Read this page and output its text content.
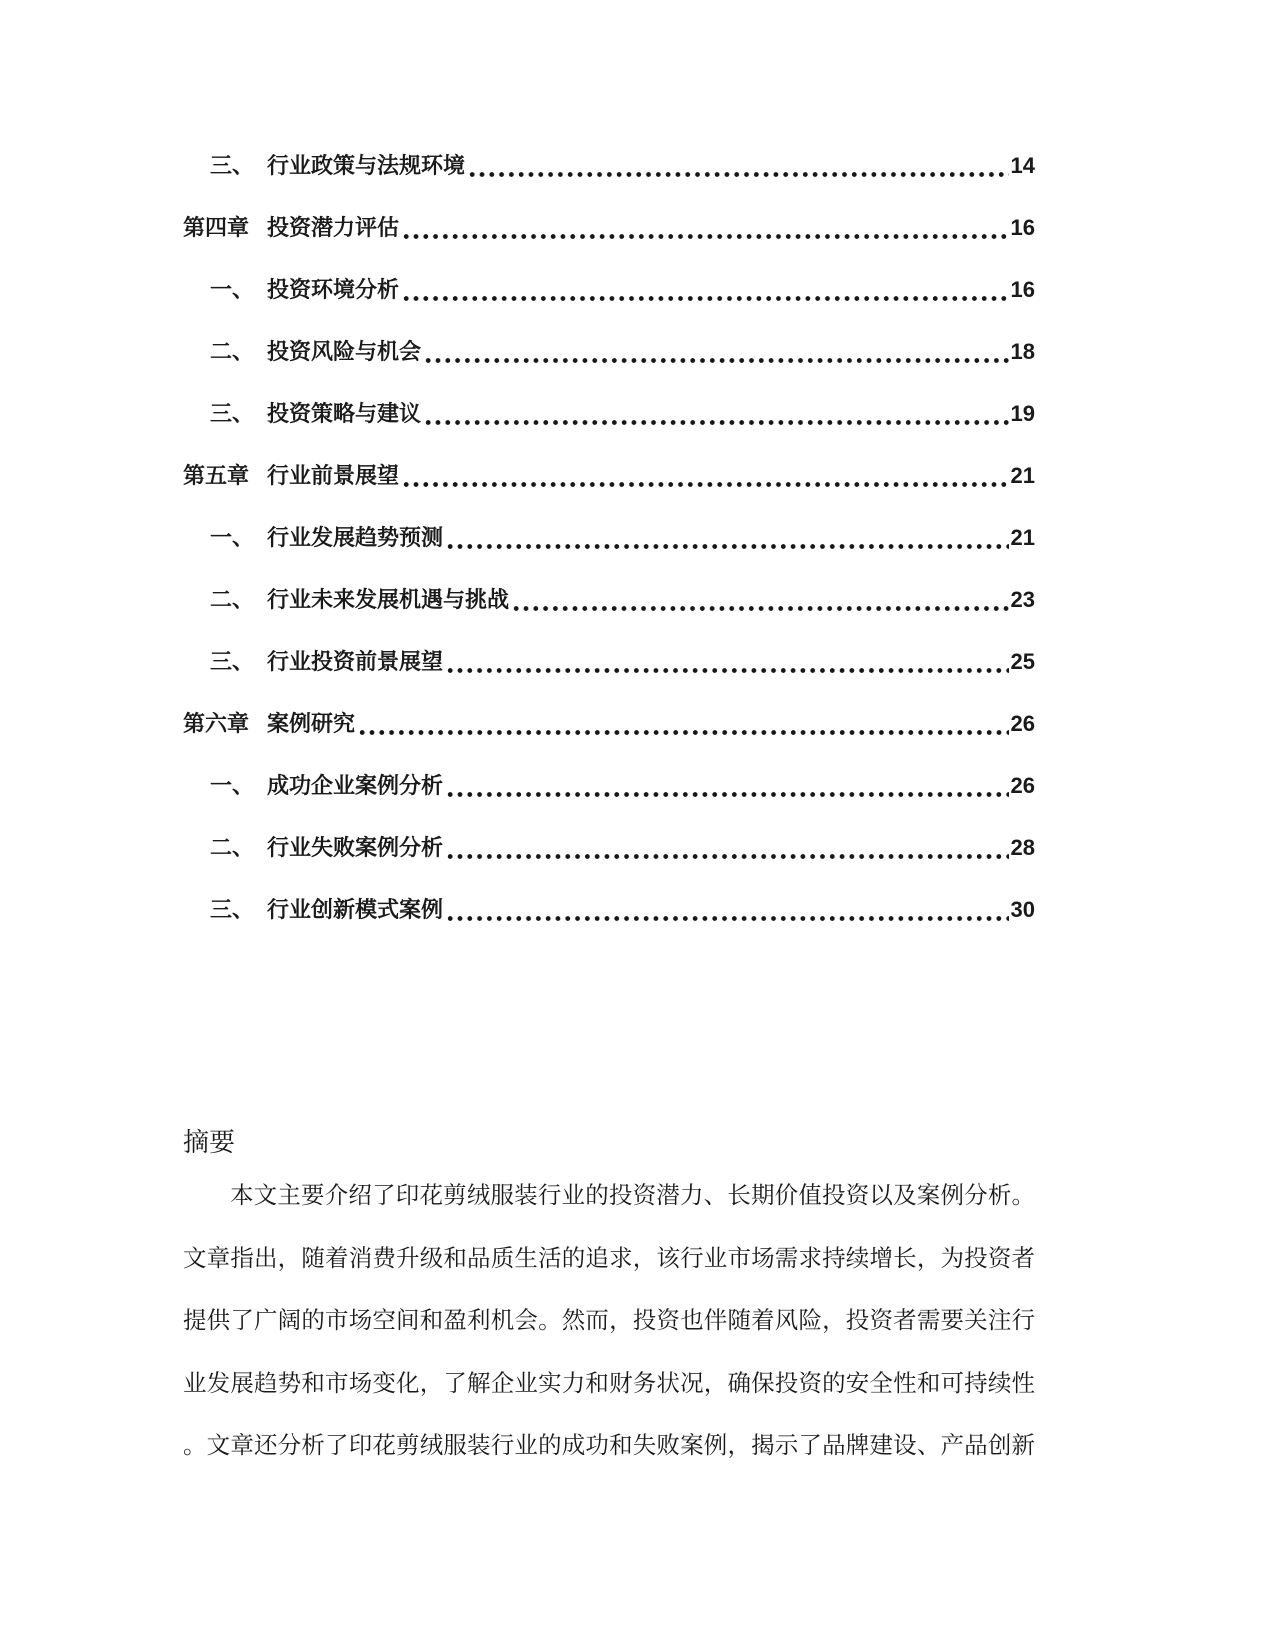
三、 行业政策与法规环境	14
第四章 投资潜力评估	16
一、 投资环境分析	16
二、 投资风险与机会	18
三、 投资策略与建议	19
第五章 行业前景展望	21
一、 行业发展趋势预测	21
二、 行业未来发展机遇与挑战	23
三、 行业投资前景展望	25
第六章 案例研究	26
一、 成功企业案例分析	26
二、 行业失败案例分析	28
三、 行业创新模式案例	30
摘要
本文主要介绍了印花剪绒服装行业的投资潜力、长期价值投资以及案例分析。
文章指出，随着消费升级和品质生活的追求，该行业市场需求持续增长，为投资者
提供了广阔的市场空间和盈利机会。然而，投资也伴随着风险，投资者需要关注行
业发展趋势和市场变化，了解企业实力和财务状况，确保投资的安全性和可持续性
。文章还分析了印花剪绒服装行业的成功和失败案例，揭示了品牌建设、产品创新
